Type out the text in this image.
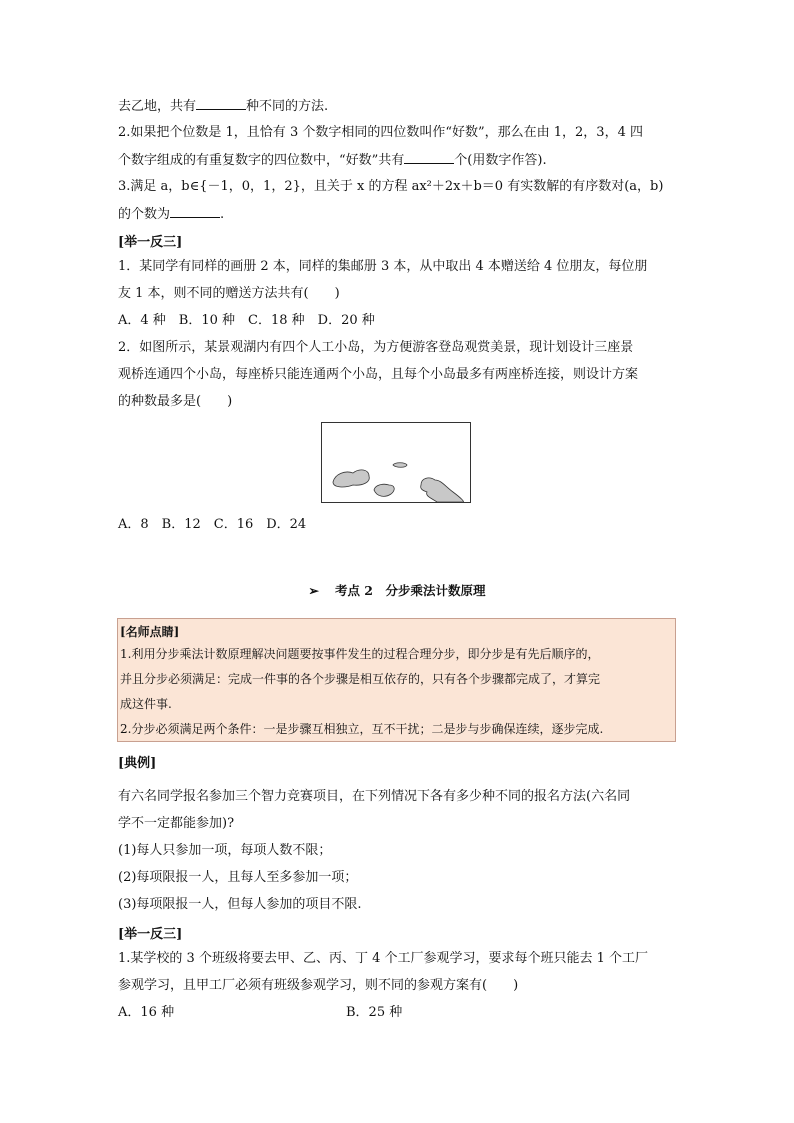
去乙地，共有	种不同的方法.
2.如果把个位数是 1，且恰有 3 个数字相同的四位数叫作“好数”，那么在由 1，2，3，4 四
个数字组成的有重复数字的四位数中，“好数”共有	个(用数字作答).
3.满足 a，b∈{－1，0，1，2}，且关于 x 的方程 ax²＋2x＋b＝0 有实数解的有序数对(a，b)
的个数为	.
[举一反三]
1．某同学有同样的画册 2 本，同样的集邮册 3 本，从中取出 4 本赠送给 4 位朋友，每位朋
友 1 本，则不同的赠送方法共有(　　)
A．4 种　B．10 种　C．18 种　D．20 种
2．如图所示，某景观湖内有四个人工小岛，为方便游客登岛观赏美景，现计划设计三座景
观桥连通四个小岛，每座桥只能连通两个小岛，且每个小岛最多有两座桥连接，则设计方案
的种数最多是(　　)
A．8　B．12　C．16　D．24
➢ 考点 2　分步乘法计数原理
[名师点睛]
1.利用分步乘法计数原理解决问题要按事件发生的过程合理分步，即分步是有先后顺序的，
并且分步必须满足：完成一件事的各个步骤是相互依存的，只有各个步骤都完成了，才算完
成这件事.
2.分步必须满足两个条件：一是步骤互相独立，互不干扰；二是步与步确保连续，逐步完成.
[典例]
有六名同学报名参加三个智力竞赛项目，在下列情况下各有多少种不同的报名方法(六名同
学不一定都能参加)?
(1)每人只参加一项，每项人数不限；
(2)每项限报一人，且每人至多参加一项；
(3)每项限报一人，但每人参加的项目不限.
[举一反三]
1.某学校的 3 个班级将要去甲、乙、丙、丁 4 个工厂参观学习，要求每个班只能去 1 个工厂
参观学习，且甲工厂必须有班级参观学习，则不同的参观方案有(　　)
A．16 种	B．25 种
